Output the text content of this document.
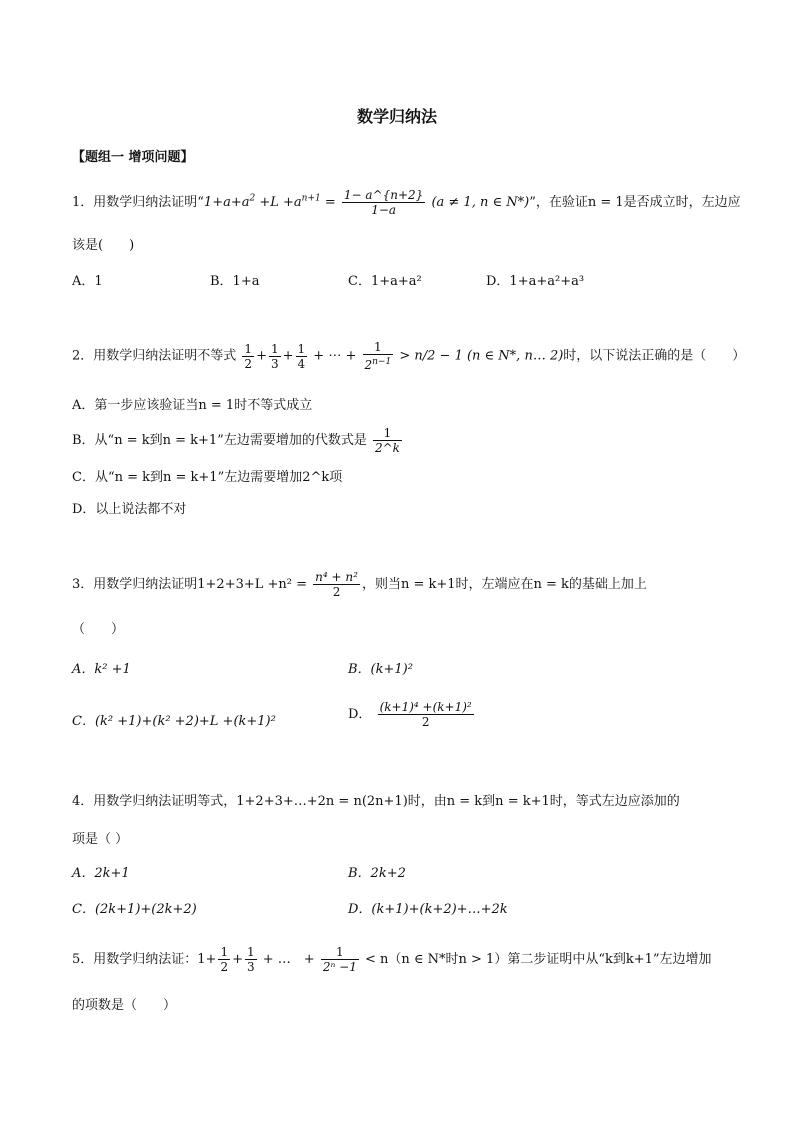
数学归纳法
【题组一 增项问题】
1．用数学归纳法证明“$1+a+a^2 +L +a^{n+1} = \frac{1- a\^{}\{n+2\}}{1-a} (a \ne 1$, n ∈ N*)”，在验证n = 1是否成立时，左边应
该是(　　)
A．1	B．1+a	C．1+a+a²	D．1+a+a²+a³
2．用数学归纳法证明不等式 $\frac{1}{2} + \frac{1}{3} + \frac{1}{4}$ + ⋯ + $\frac{1}{2^{n-1}} > n/2 - 1$ (n ∈ N*, n… 2)时，以下说法正确的是（　　）
A．第一步应该验证当n = 1时不等式成立
B．从“n = k到n = k+1”左边需要增加的代数式是 $\frac{1}{2\^{}k}$
C．从“n = k到n = k+1”左边需要增加2^k项
D．以上说法都不对
3．用数学归纳法证明$1+2+3+L +n^2 = \frac{\text{n⁴ + n²}}{2}$ ，则当n = k+1时，左端应在n = k的基础上加上
（　　）
A．k² +1	B．(k+1)²
C．(k² +1)+(k² +2)+L +(k+1)²	D． $\frac{\text{(k+1)⁴ +(k+1)²}}{2}$
4．用数学归纳法证明等式，1+2+3+…+2n = n(2n+1)时，由n = k到n = k+1时，等式左边应添加的
项是（ ）
A．2k+1	B．2k+2
C．(2k+1)+(2k+2)	D．(k+1)+(k+2)+…+2k
5．用数学归纳法证：$1+ \frac{1}{2} + \frac{1}{3}$ + …　+ $\frac{1}{\text{2ⁿ −1}} < n(n$ ∈ N*时n > 1）第二步证明中从“k到k+1”左边增加
的项数是（　　）
